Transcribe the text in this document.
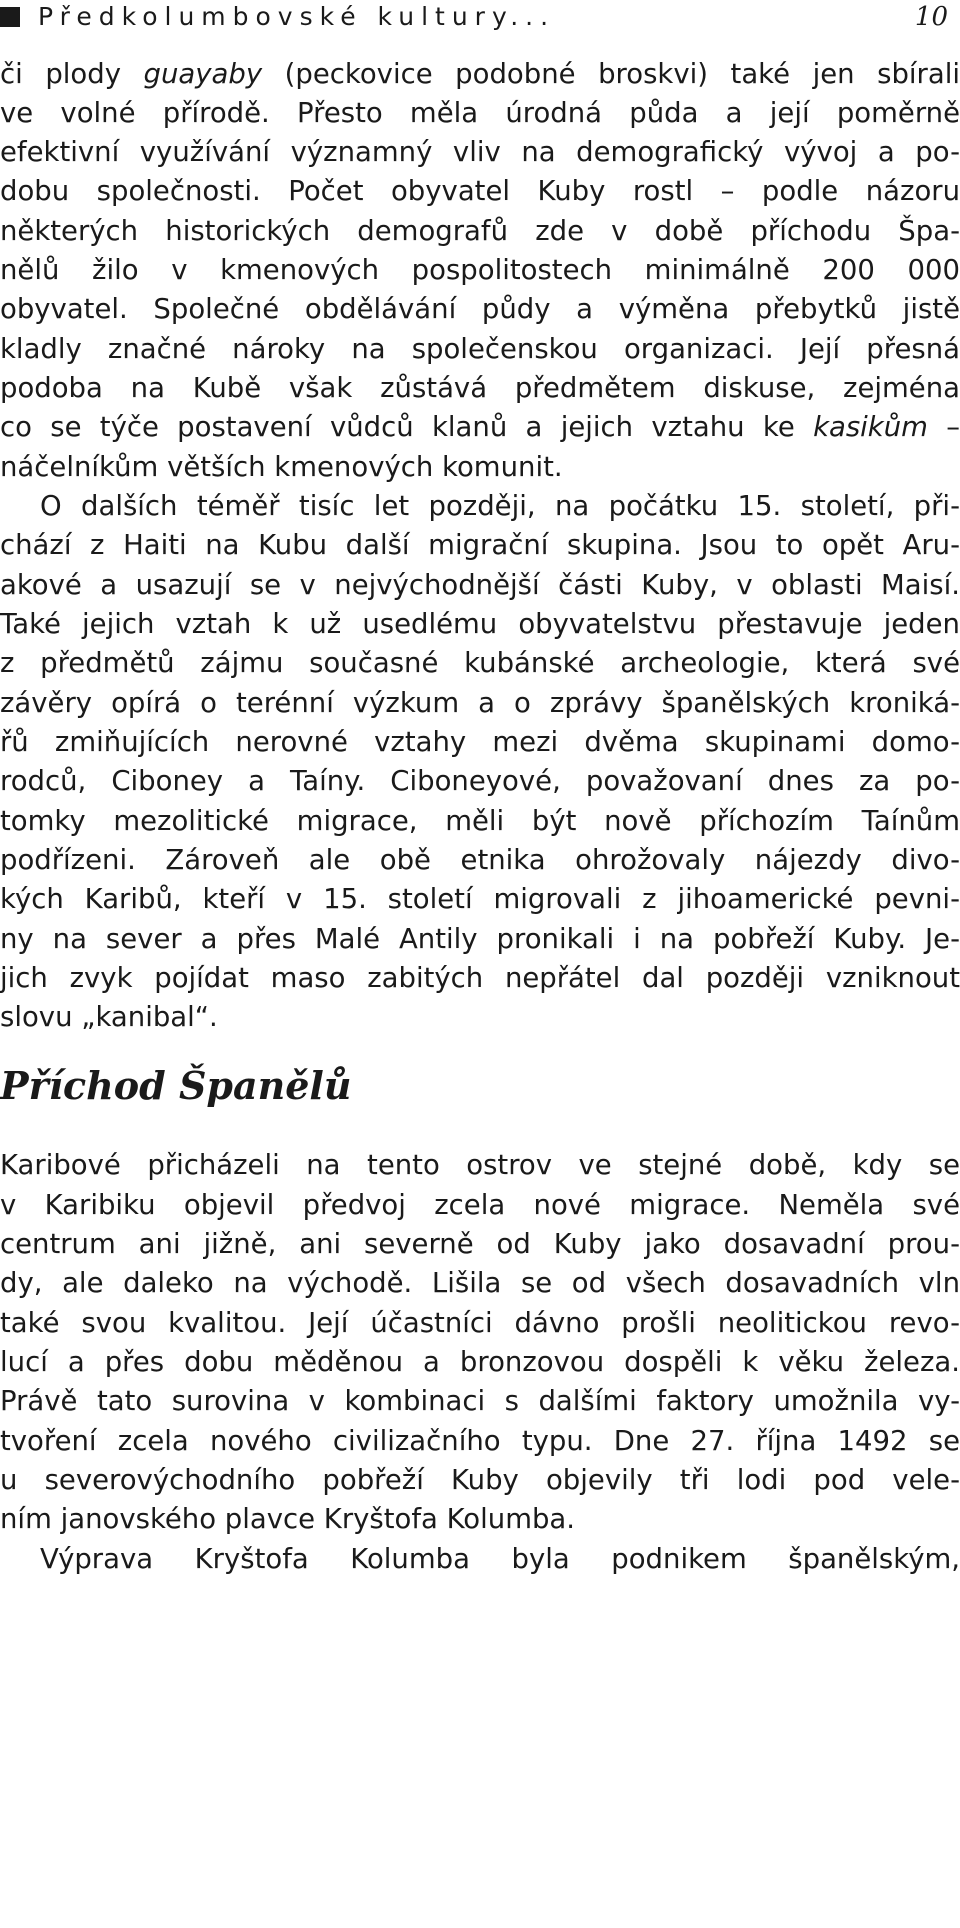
Předkolumbovské kultury...	10
či plody guayaby (peckovice podobné broskvi) také jen sbírali
ve volné přírodě. Přesto měla úrodná půda a její poměrně
efektivní využívání významný vliv na demografický vývoj a po-
dobu společnosti. Počet obyvatel Kuby rostl – podle názoru
některých historických demografů zde v době příchodu Špa-
nělů žilo v kmenových pospolitostech minimálně 200 000
obyvatel. Společné obdělávání půdy a výměna přebytků jistě
kladly značné nároky na společenskou organizaci. Její přesná
podoba na Kubě však zůstává předmětem diskuse, zejména
co se týče postavení vůdců klanů a jejich vztahu ke kasikům –
náčelníkům větších kmenových komunit.
O dalších téměř tisíc let později, na počátku 15. století, při-
chází z Haiti na Kubu další migrační skupina. Jsou to opět Aru-
akové a usazují se v nejvýchodnější části Kuby, v oblasti Maisí.
Také jejich vztah k už usedlému obyvatelstvu přestavuje jeden
z předmětů zájmu současné kubánské archeologie, která své
závěry opírá o terénní výzkum a o zprávy španělských kroniká-
řů zmiňujících nerovné vztahy mezi dvěma skupinami domo-
rodců, Ciboney a Taíny. Ciboneyové, považovaní dnes za po-
tomky mezolitické migrace, měli být nově příchozím Taínům
podřízeni. Zároveň ale obě etnika ohrožovaly nájezdy divo-
kých Karibů, kteří v 15. století migrovali z jihoamerické pevni-
ny na sever a přes Malé Antily pronikali i na pobřeží Kuby. Je-
jich zvyk pojídat maso zabitých nepřátel dal později vzniknout
slovu „kanibal“.
Příchod Španělů
Karibové přicházeli na tento ostrov ve stejné době, kdy se
v Karibiku objevil předvoj zcela nové migrace. Neměla své
centrum ani jižně, ani severně od Kuby jako dosavadní prou-
dy, ale daleko na východě. Lišila se od všech dosavadních vln
také svou kvalitou. Její účastníci dávno prošli neolitickou revo-
lucí a přes dobu měděnou a bronzovou dospěli k věku železa.
Právě tato surovina v kombinaci s dalšími faktory umožnila vy-
tvoření zcela nového civilizačního typu. Dne 27. října 1492 se
u severovýchodního pobřeží Kuby objevily tři lodi pod vele-
ním janovského plavce Kryštofa Kolumba.
Výprava Kryštofa Kolumba byla podnikem španělským,
